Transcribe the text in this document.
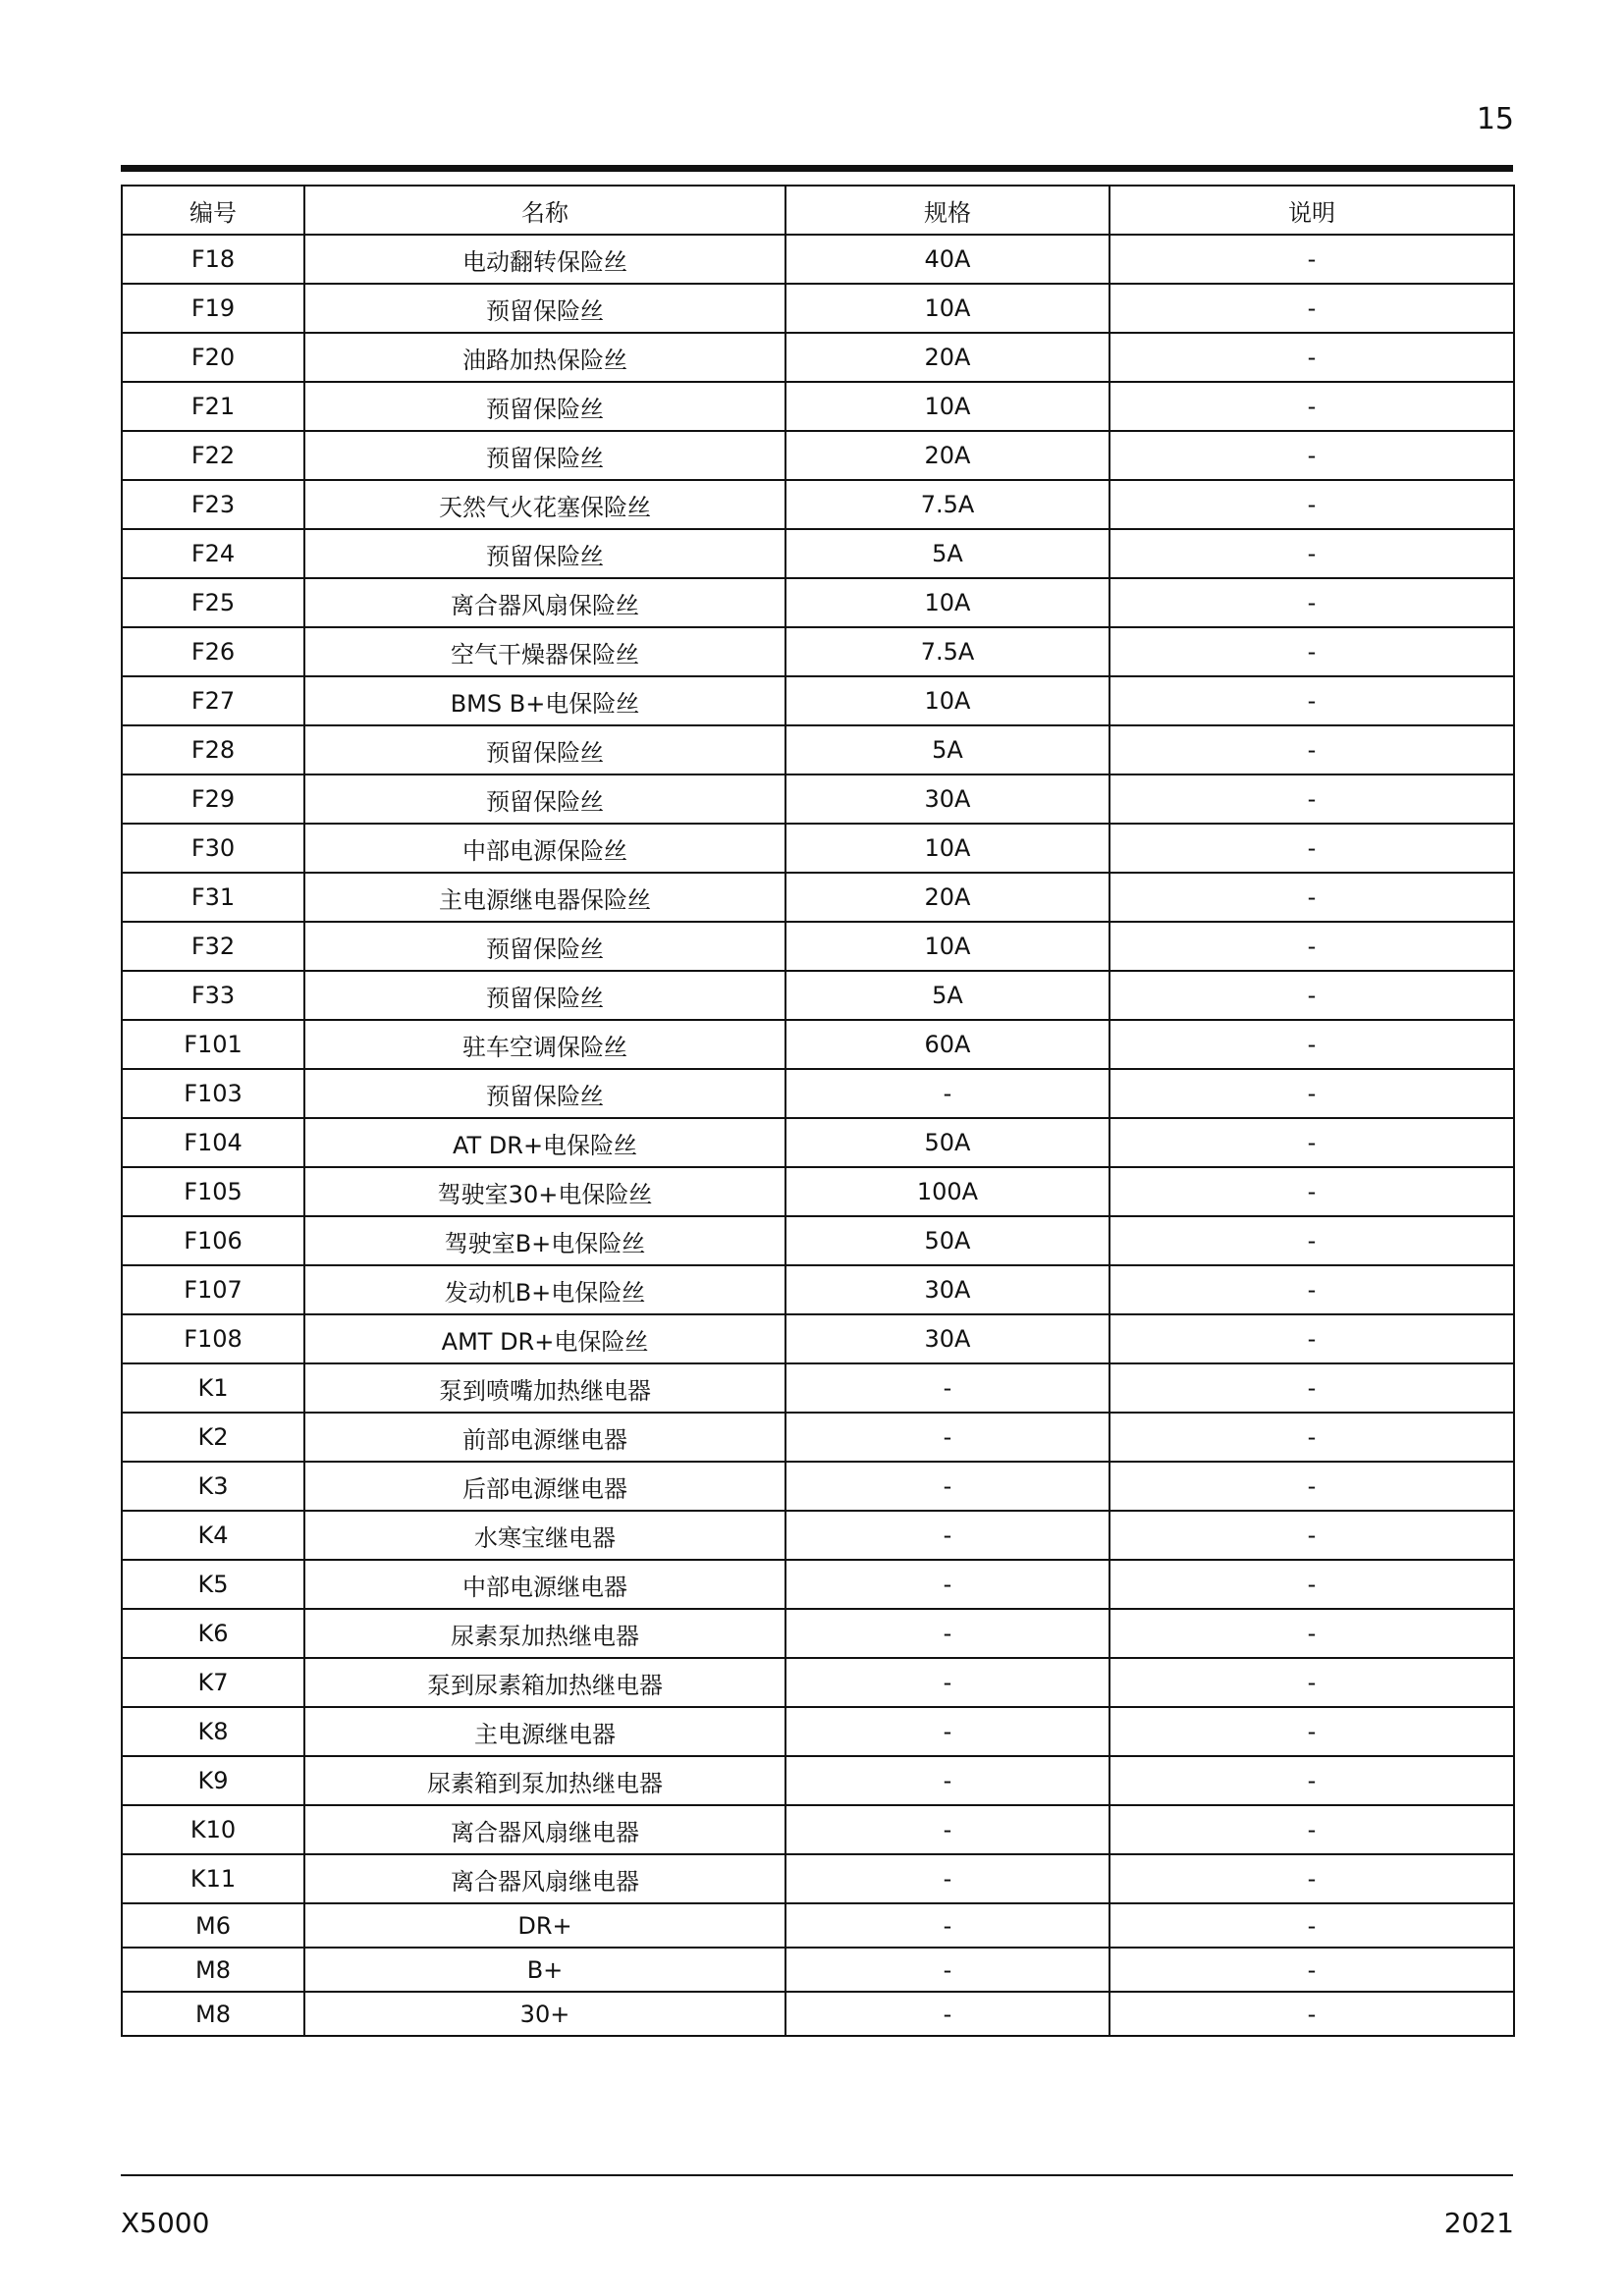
15
编号	名称	规格	说明
F18	电动翻转保险丝	40A	-
F19	预留保险丝	10A	-
F20	油路加热保险丝	20A	-
F21	预留保险丝	10A	-
F22	预留保险丝	20A	-
F23	天然气火花塞保险丝	7.5A	-
F24	预留保险丝	5A	-
F25	离合器风扇保险丝	10A	-
F26	空气干燥器保险丝	7.5A	-
F27	BMS B+电保险丝	10A	-
F28	预留保险丝	5A	-
F29	预留保险丝	30A	-
F30	中部电源保险丝	10A	-
F31	主电源继电器保险丝	20A	-
F32	预留保险丝	10A	-
F33	预留保险丝	5A	-
F101	驻车空调保险丝	60A	-
F103	预留保险丝	-	-
F104	AT DR+电保险丝	50A	-
F105	驾驶室30+电保险丝	100A	-
F106	驾驶室B+电保险丝	50A	-
F107	发动机B+电保险丝	30A	-
F108	AMT DR+电保险丝	30A	-
K1	泵到喷嘴加热继电器	-	-
K2	前部电源继电器	-	-
K3	后部电源继电器	-	-
K4	水寒宝继电器	-	-
K5	中部电源继电器	-	-
K6	尿素泵加热继电器	-	-
K7	泵到尿素箱加热继电器	-	-
K8	主电源继电器	-	-
K9	尿素箱到泵加热继电器	-	-
K10	离合器风扇继电器	-	-
K11	离合器风扇继电器	-	-
M6	DR+	-	-
M8	B+	-	-
M8	30+	-	-
X5000	2021
